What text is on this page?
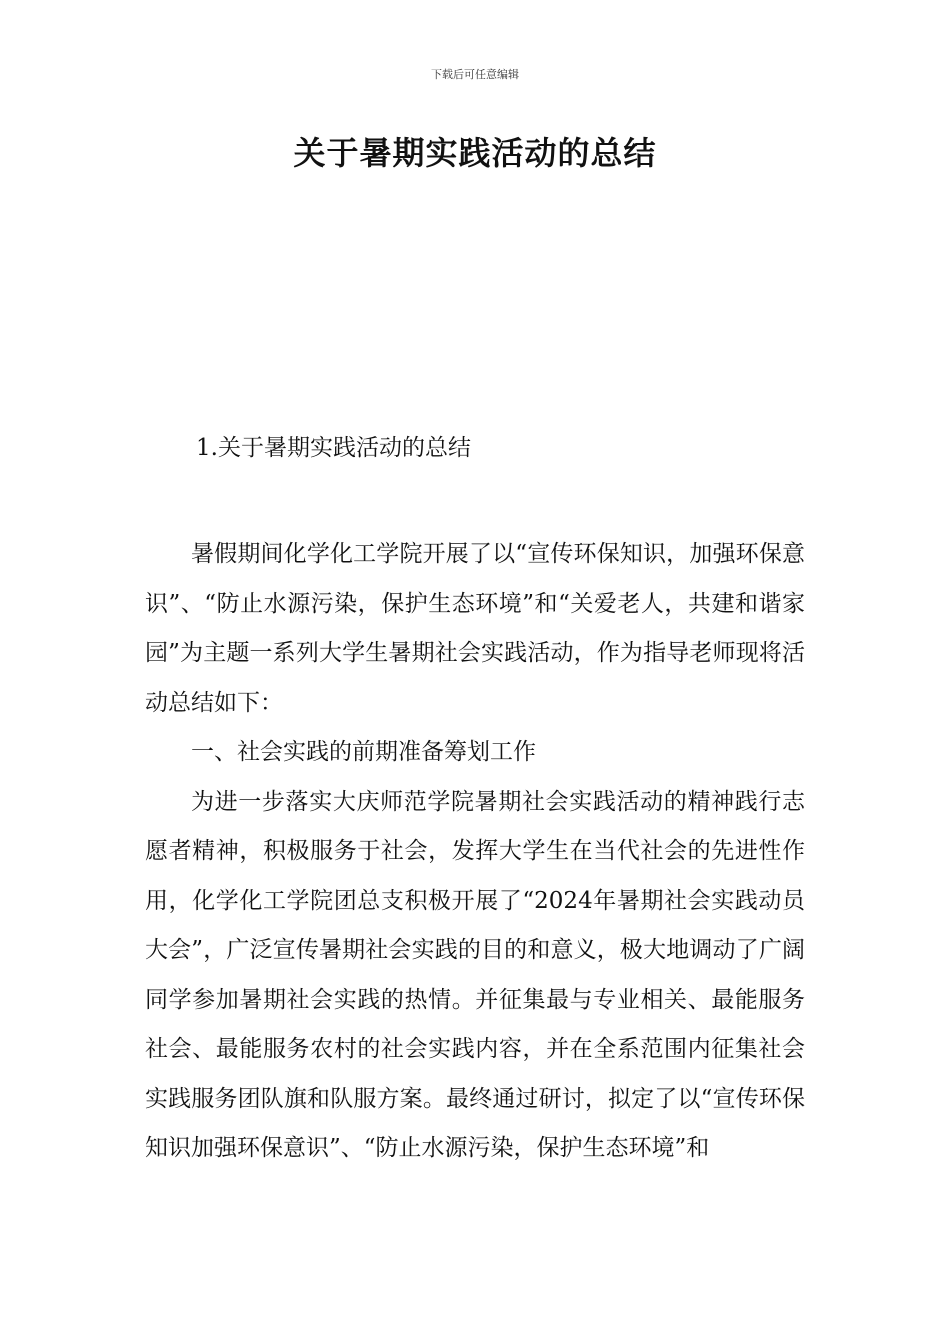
下载后可任意编辑
关于暑期实践活动的总结
1.关于暑期实践活动的总结

暑假期间化学化工学院开展了以“宣传环保知识，加强环保意识”、“防止水源污染，保护生态环境”和“关爱老人，共建和谐家园”为主题一系列大学生暑期社会实践活动，作为指导老师现将活动总结如下：

一、社会实践的前期准备筹划工作

为进一步落实大庆师范学院暑期社会实践活动的精神践行志愿者精神，积极服务于社会，发挥大学生在当代社会的先进性作用，化学化工学院团总支积极开展了“2024年暑期社会实践动员大会”，广泛宣传暑期社会实践的目的和意义，极大地调动了广阔同学参加暑期社会实践的热情。并征集最与专业相关、最能服务社会、最能服务农村的社会实践内容，并在全系范围内征集社会实践服务团队旗和队服方案。最终通过研讨，拟定了以“宣传环保知识加强环保意识”、“防止水源污染，保护生态环境”和
